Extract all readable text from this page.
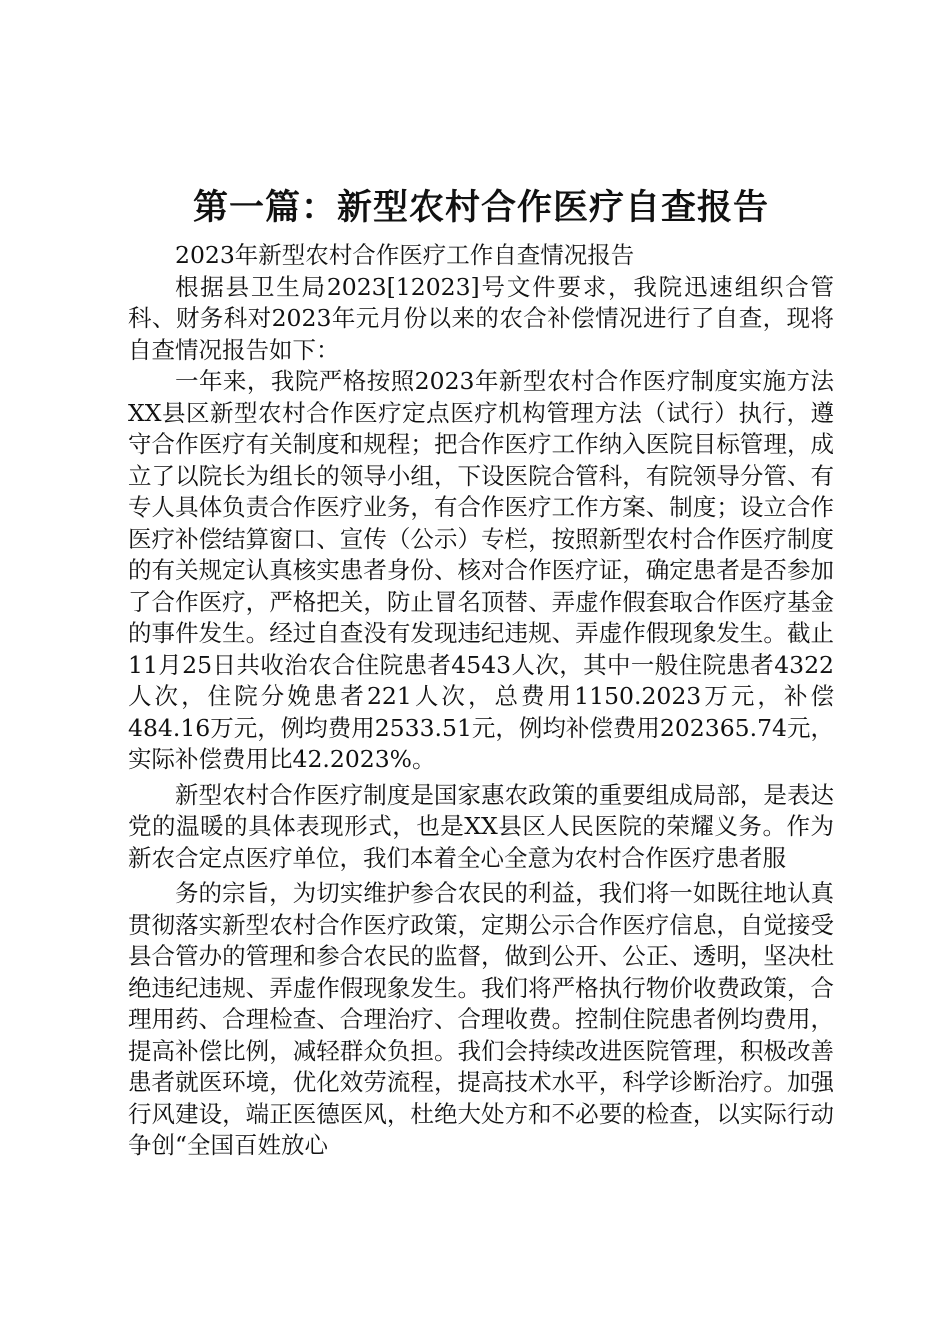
第一篇：新型农村合作医疗自查报告

2023年新型农村合作医疗工作自查情况报告

根据县卫生局2023[12023]号文件要求，我院迅速组织合管科、财务科对2023年元月份以来的农合补偿情况进行了自查，现将自查情况报告如下：

一年来，我院严格按照2023年新型农村合作医疗制度实施方法XX县区新型农村合作医疗定点医疗机构管理方法（试行）执行，遵守合作医疗有关制度和规程；把合作医疗工作纳入医院目标管理，成立了以院长为组长的领导小组，下设医院合管科，有院领导分管、有专人具体负责合作医疗业务，有合作医疗工作方案、制度；设立合作医疗补偿结算窗口、宣传（公示）专栏，按照新型农村合作医疗制度的有关规定认真核实患者身份、核对合作医疗证，确定患者是否参加了合作医疗，严格把关，防止冒名顶替、弄虚作假套取合作医疗基金的事件发生。经过自查没有发现违纪违规、弄虚作假现象发生。截止11月25日共收治农合住院患者4543人次，其中一般住院患者4322人次，住院分娩患者221人次，总费用1150.2023万元，补偿484.16万元，例均费用2533.51元，例均补偿费用202365.74元，实际补偿费用比42.2023%。

新型农村合作医疗制度是国家惠农政策的重要组成局部，是表达党的温暖的具体表现形式，也是XX县区人民医院的荣耀义务。作为新农合定点医疗单位，我们本着全心全意为农村合作医疗患者服

务的宗旨，为切实维护参合农民的利益，我们将一如既往地认真贯彻落实新型农村合作医疗政策，定期公示合作医疗信息，自觉接受县合管办的管理和参合农民的监督，做到公开、公正、透明，坚决杜绝违纪违规、弄虚作假现象发生。我们将严格执行物价收费政策，合理用药、合理检查、合理治疗、合理收费。控制住院患者例均费用，提高补偿比例，减轻群众负担。我们会持续改进医院管理，积极改善患者就医环境，优化效劳流程，提高技术水平，科学诊断治疗。加强行风建设，端正医德医风，杜绝大处方和不必要的检查，以实际行动争创“全国百姓放心
